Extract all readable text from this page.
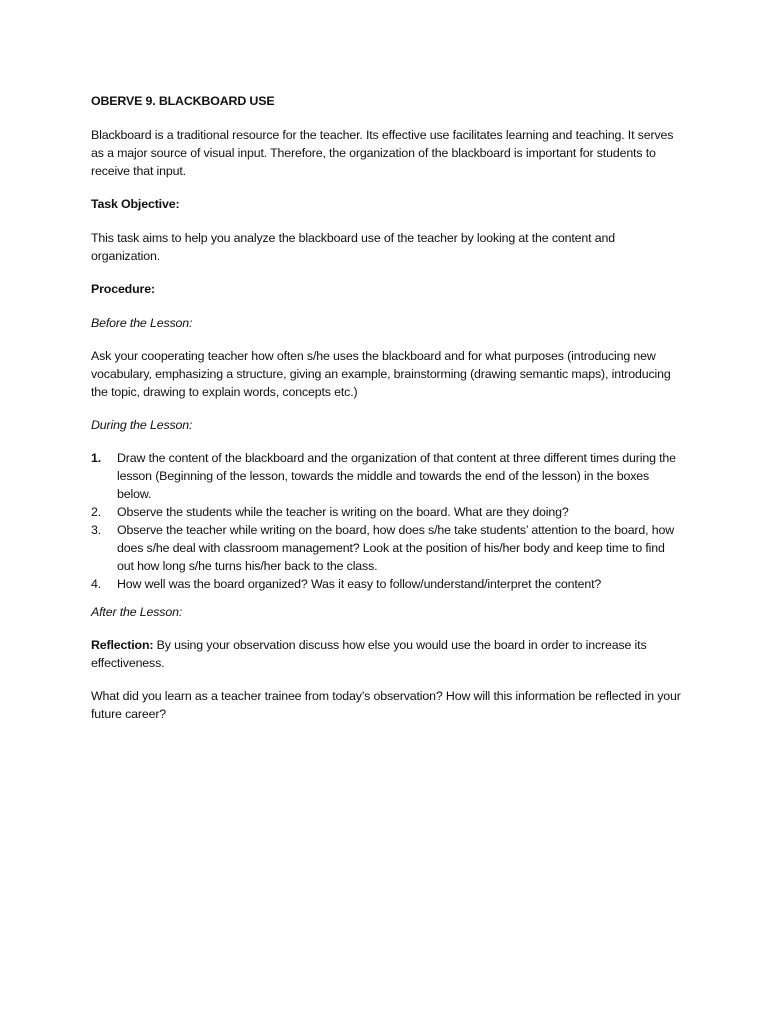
OBERVE 9. BLACKBOARD USE

Blackboard is a traditional resource for the teacher. Its effective use facilitates learning and teaching. It serves as a major source of visual input. Therefore, the organization of the blackboard is important for students to receive that input.

Task Objective:

This task aims to help you analyze the blackboard use of the teacher by looking at the content and organization.

Procedure:

Before the Lesson:

Ask your cooperating teacher how often s/he uses the blackboard and for what purposes (introducing new vocabulary, emphasizing a structure, giving an example, brainstorming (drawing semantic maps), introducing the topic, drawing to explain words, concepts etc.)

During the Lesson:

1.	Draw the content of the blackboard and the organization of that content at three different times during the lesson (Beginning of the lesson, towards the middle and towards the end of the lesson) in the boxes below.
2.	Observe the students while the teacher is writing on the board. What are they doing?
3.	Observe the teacher while writing on the board, how does s/he take students’ attention to the board, how does s/he deal with classroom management? Look at the position of his/her body and keep time to find out how long s/he turns his/her back to the class.
4.	How well was the board organized? Was it easy to follow/understand/interpret the content?

After the Lesson:

Reflection: By using your observation discuss how else you would use the board in order to increase its effectiveness.

What did you learn as a teacher trainee from today’s observation? How will this information be reflected in your future career?
